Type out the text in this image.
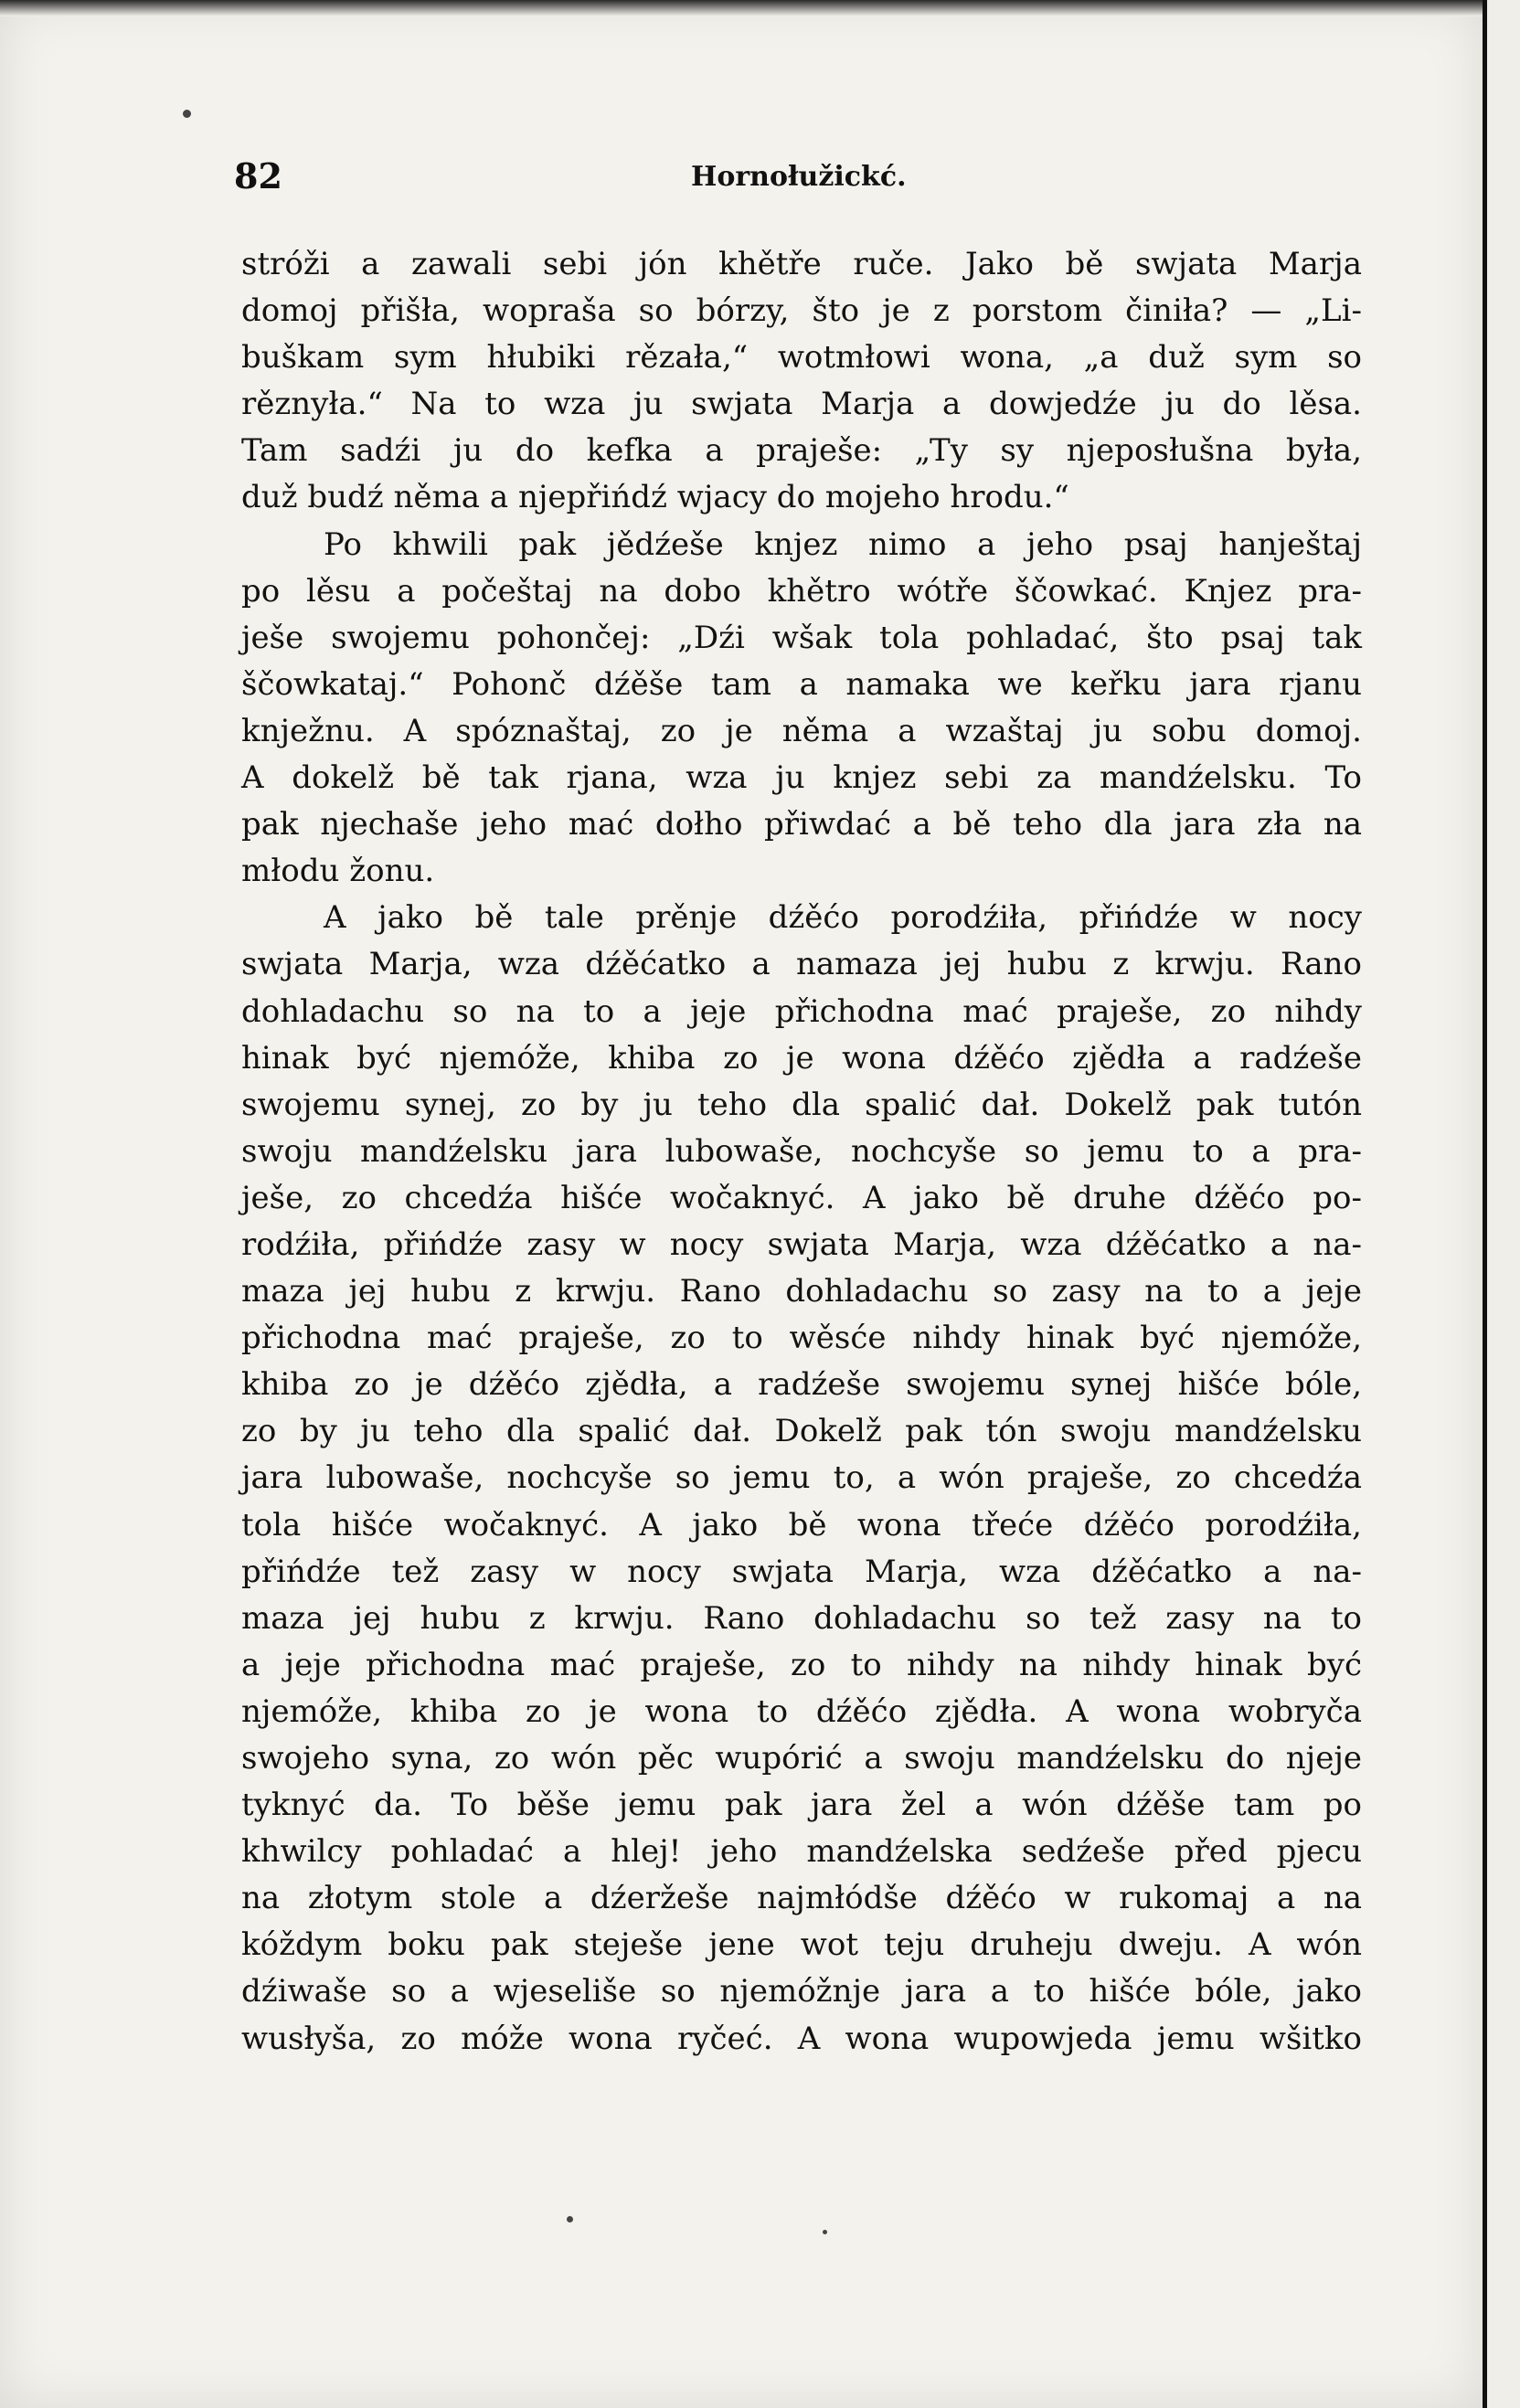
82	Hornołužickć.

stróži a zawali sebi jón khětře ruče. Jako bě swjata Marja

domoj přišła, woprašа so bórzy, što je z porstom činiła? — „Li-

buškam sym hłubiki rězała,“ wotmłowi wona, „a duž sym so

rěznyła.“ Na to wza ju swjata Marja a dowjedźe ju do lěsa.

Tam sadźi ju do kefka a praješe: „Ty sy njeposłušna była,

duž budź něma a njepřińdź wjacy do mojeho hrodu.“

Po khwili pak jědźeše knjez nimo a jeho psaj hanještaj

po lěsu a počeštaj na dobo khětro wótře ščowkać. Knjez pra-

ješe swojemu pohončej: „Dźi wšak tola pohladać, što psaj tak

ščowkataj.“ Pohonč dźěše tam a namaka we keřku jara rjanu

knježnu. A spóznaštaj, zo je něma a wzaštaj ju sobu domoj.

A dokelž bě tak rjana, wza ju knjez sebi za mandźelsku. To

pak njechaše jeho mać dołho přiwdać a bě teho dla jara zła na

młodu žonu.

A jako bě tale prěnje dźěćo porodźiła, přińdźe w nocy

swjata Marja, wza dźěćatko a namaza jej hubu z krwju. Rano

dohladachu so na to a jeje přichodna mać praješe, zo nihdy

hinak być njemóže, khiba zo je wona dźěćo zjědła a radźeše

swojemu synej, zo by ju teho dla spalić dał. Dokelž pak tutón

swoju mandźelsku jara lubowaše, nochcyše so jemu to a pra-

ješe, zo chcedźa hišće wočaknyć. A jako bě druhe dźěćo po-

rodźiła, přińdźe zasy w nocy swjata Marja, wza dźěćatko a na-

maza jej hubu z krwju. Rano dohladachu so zasy na to a jeje

přichodna mać praješe, zo to wěsće nihdy hinak być njemóže,

khiba zo je dźěćo zjědła, a radźeše swojemu synej hišće bóle,

zo by ju teho dla spalić dał. Dokelž pak tón swoju mandźelsku

jara lubowaše, nochcyše so jemu to, a wón praješe, zo chcedźa

tola hišće wočaknyć. A jako bě wona třeće dźěćo porodźiła,

přińdźe tež zasy w nocy swjata Marja, wza dźěćatko a na-

maza jej hubu z krwju. Rano dohladachu so tež zasy na to

a jeje přichodna mać praješe, zo to nihdy na nihdy hinak być

njemóže, khiba zo je wona to dźěćo zjědła. A wona wobryča

swojeho syna, zo wón pěc wupórić a swoju mandźelsku do njeje

tyknyć da. To běše jemu pak jara žel a wón dźěše tam po

khwilcy pohladać a hlej! jeho mandźelska sedźeše před pjecu

na złotym stole a dźeržeše najmłódše dźěćo w rukomaj a na

kóždym boku pak steješe jene wot teju druheju dweju. A wón

dźiwaše so a wjeseliše so njemóžnje jara a to hišće bóle, jako

wusłyša, zo móže wona ryčeć. A wona wupowjeda jemu wšitko
